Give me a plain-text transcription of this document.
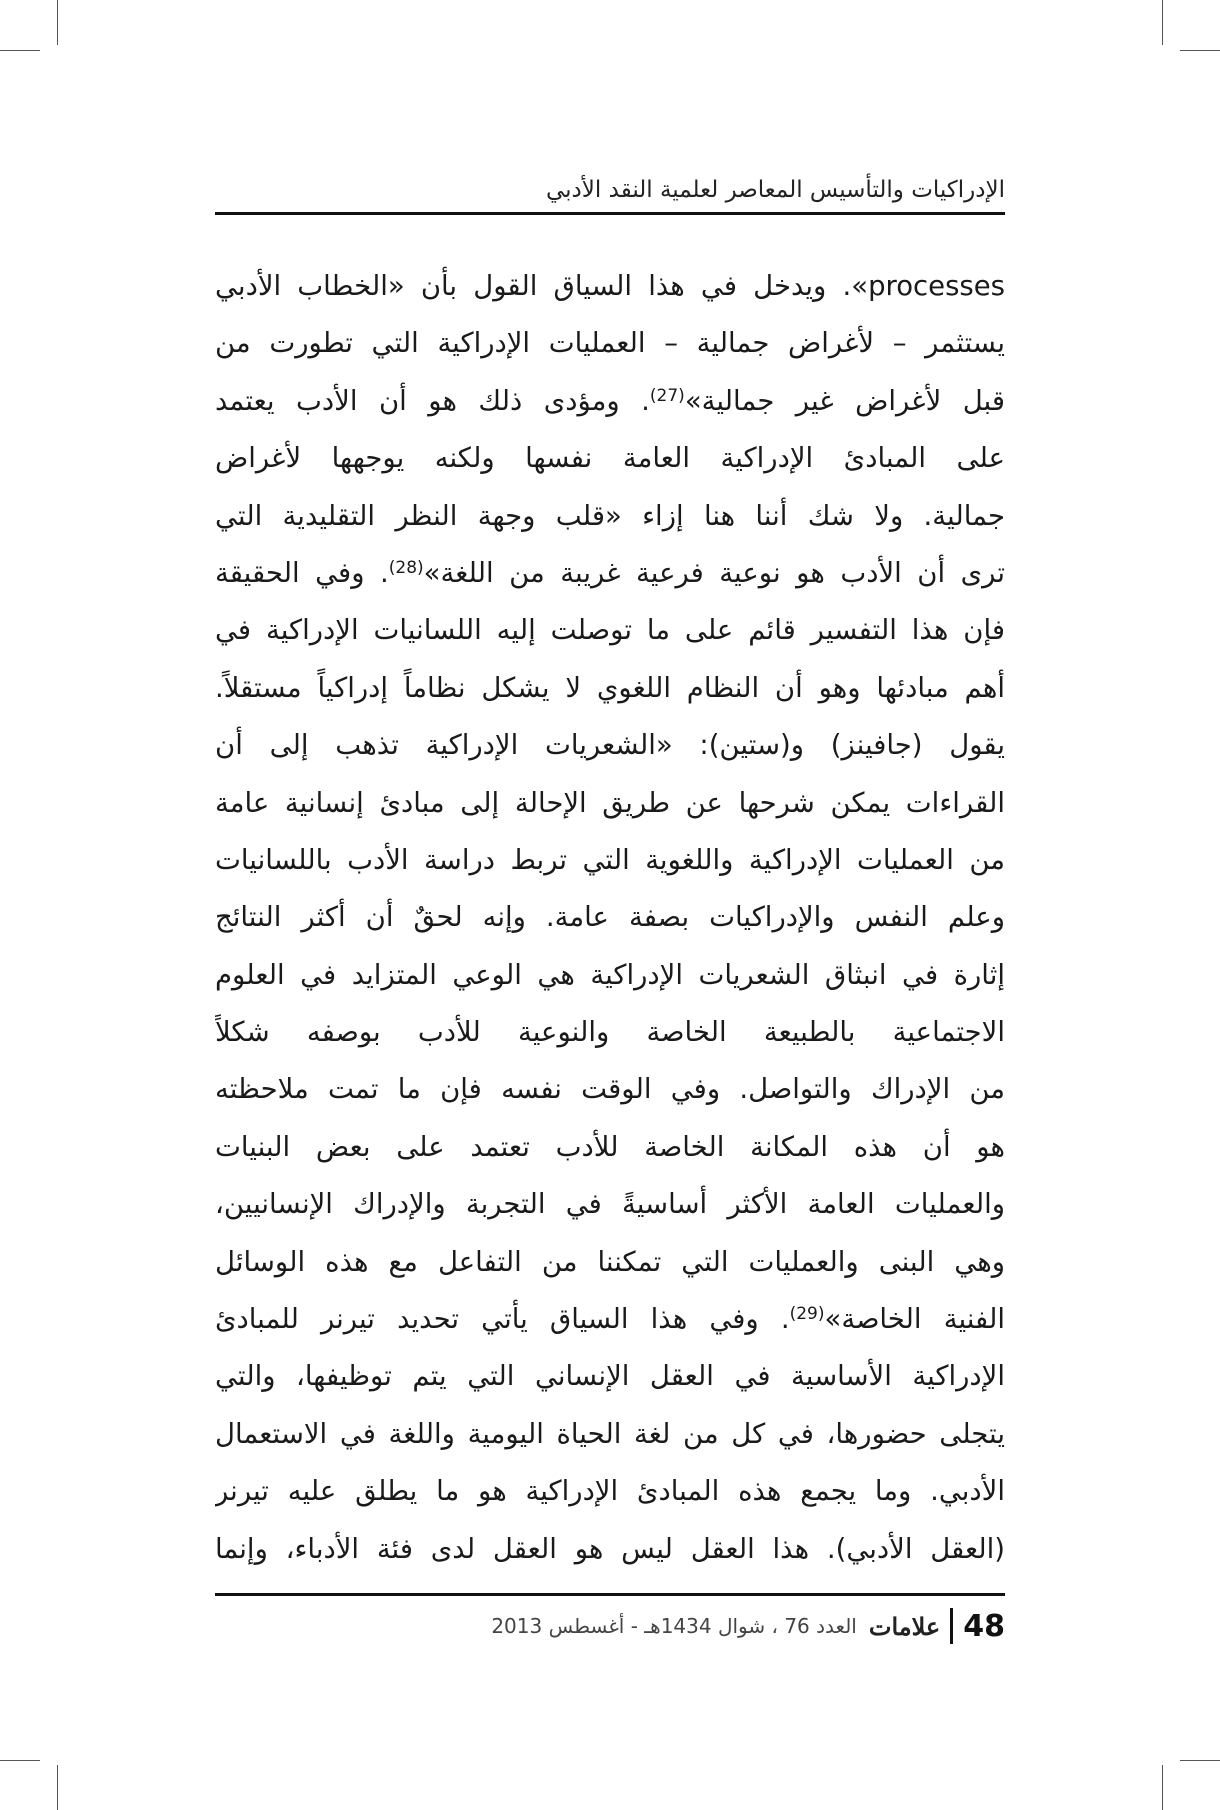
الإدراكيات والتأسيس المعاصر لعلمية النقد الأدبي
processes». ويدخل في هذا السياق القول بأن «الخطاب الأدبي
يستثمر – لأغراض جمالية – العمليات الإدراكية التي تطورت من
قبل لأغراض غير جمالية»$^{(27)}$. ومؤدى ذلك هو أن الأدب يعتمد
على المبادئ الإدراكية العامة نفسها ولكنه يوجهها لأغراض
جمالية. ولا شك أننا هنا إزاء «قلب وجهة النظر التقليدية التي
ترى أن الأدب هو نوعية فرعية غريبة من اللغة»$^{(28)}$. وفي الحقيقة
فإن هذا التفسير قائم على ما توصلت إليه اللسانيات الإدراكية في
أهم مبادئها وهو أن النظام اللغوي لا يشكل نظاماً إدراكياً مستقلاً.
يقول (جافينز) و(ستين): «الشعريات الإدراكية تذهب إلى أن
القراءات يمكن شرحها عن طريق الإحالة إلى مبادئ إنسانية عامة
من العمليات الإدراكية واللغوية التي تربط دراسة الأدب باللسانيات
وعلم النفس والإدراكيات بصفة عامة. وإنه لحقٌ أن أكثر النتائج
إثارة في انبثاق الشعريات الإدراكية هي الوعي المتزايد في العلوم
الاجتماعية بالطبيعة الخاصة والنوعية للأدب بوصفه شكلاً
من الإدراك والتواصل. وفي الوقت نفسه فإن ما تمت ملاحظته
هو أن هذه المكانة الخاصة للأدب تعتمد على بعض البنيات
والعمليات العامة الأكثر أساسيةً في التجربة والإدراك الإنسانيين،
وهي البنى والعمليات التي تمكننا من التفاعل مع هذه الوسائل
الفنية الخاصة»$^{(29)}$. وفي هذا السياق يأتي تحديد تيرنر للمبادئ
الإدراكية الأساسية في العقل الإنساني التي يتم توظيفها، والتي
يتجلى حضورها، في كل من لغة الحياة اليومية واللغة في الاستعمال
الأدبي. وما يجمع هذه المبادئ الإدراكية هو ما يطلق عليه تيرنر
(العقل الأدبي). هذا العقل ليس هو العقل لدى فئة الأدباء، وإنما
48
علامات
العدد 76 ، شوال 1434هـ - أغسطس 2013
